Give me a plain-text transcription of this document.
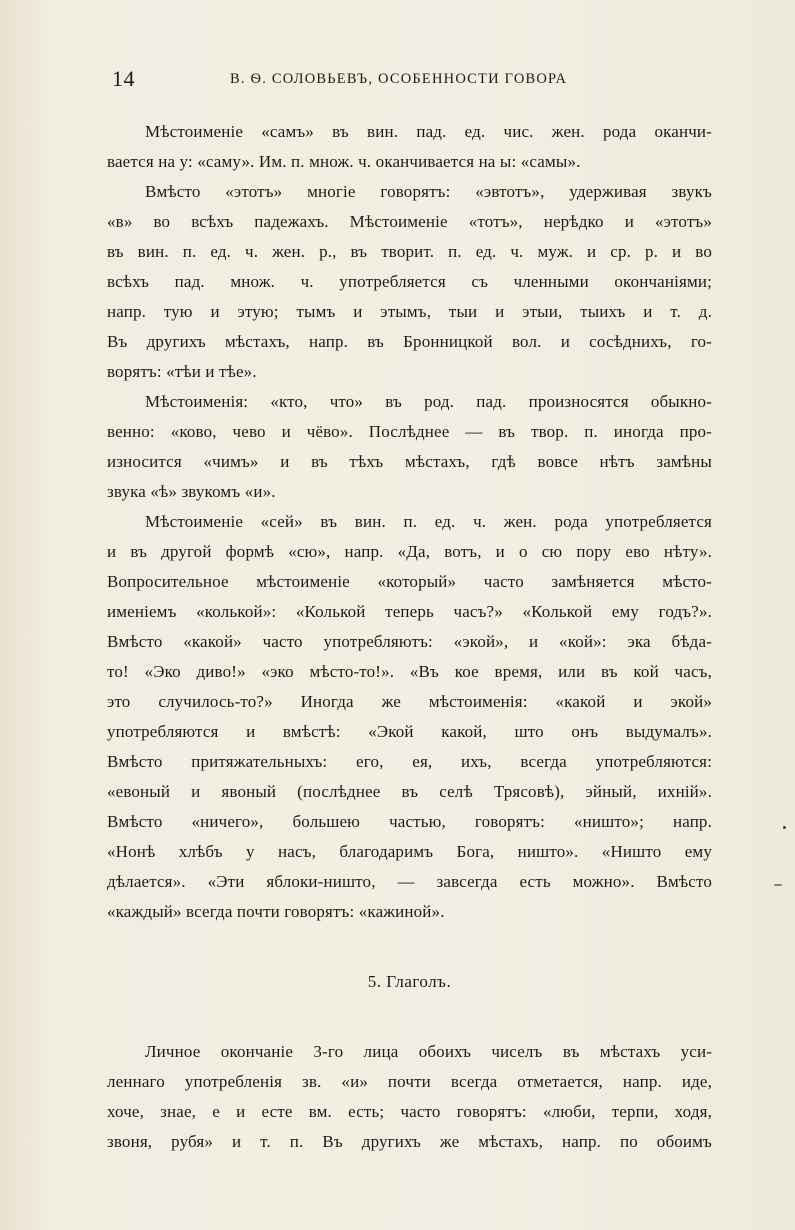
14	В. Ѳ. СОЛОВЬЕВЪ, ОСОБЕННОСТИ ГОВОРА
Мѣстоименіе «самъ» въ вин. пад. ед. чис. жен. рода оканчи-
вается на у: «саму». Им. п. множ. ч. оканчивается на ы: «самы».
Вмѣсто «этотъ» многіе говорятъ: «эвтотъ», удерживая звукъ
«в» во всѣхъ падежахъ. Мѣстоименіе «тотъ», нерѣдко и «этотъ»
въ вин. п. ед. ч. жен. р., въ творит. п. ед. ч. муж. и ср. р. и во
всѣхъ пад. множ. ч. употребляется съ членными окончаніями;
напр. тую и этую; тымъ и этымъ, тыи и этыи, тыихъ и т. д.
Въ другихъ мѣстахъ, напр. въ Бронницкой вол. и сосѣднихъ, го-
ворятъ: «тѣи и тѣе».
Мѣстоименія: «кто, что» въ род. пад. произносятся обыкно-
венно: «ково, чево и чёво». Послѣднее — въ твор. п. иногда про-
износится «чимъ» и въ тѣхъ мѣстахъ, гдѣ вовсе нѣтъ замѣны
звука «ѣ» звукомъ «и».
Мѣстоименіе «сей» въ вин. п. ед. ч. жен. рода употребляется
и въ другой формѣ «сю», напр. «Да, вотъ, и о сю пору ево нѣту».
Вопросительное мѣстоименіе «который» часто замѣняется мѣсто-
именіемъ «колькой»: «Колькой теперь часъ?» «Колькой ему годъ?».
Вмѣсто «какой» часто употребляютъ: «экой», и «кой»: эка бѣда-
то! «Эко диво!» «эко мѣсто-то!». «Въ кое время, или въ кой часъ,
это случилось-то?» Иногда же мѣстоименія: «какой и экой»
употребляются и вмѣстѣ: «Экой какой, што онъ выдумалъ».
Вмѣсто притяжательныхъ: его, ея, ихъ, всегда употребляются:
«евоный и явоный (послѣднее въ селѣ Трясовѣ), эйный, ихній».
Вмѣсто «ничего», большею частью, говорятъ: «ништо»; напр.
«Нонѣ хлѣбъ у насъ, благодаримъ Бога, ништо». «Ништо ему
дѣлается». «Эти яблоки-ништо, — завсегда есть можно». Вмѣсто
«каждый» всегда почти говорятъ: «кажиной».
5. Глаголъ.
Личное окончаніе 3-го лица обоихъ чиселъ въ мѣстахъ уси-
леннаго употребленія зв. «и» почти всегда отметается, напр. иде,
хоче, знае, е и есте вм. есть; часто говорятъ: «люби, терпи, ходя,
звоня, рубя» и т. п. Въ другихъ же мѣстахъ, напр. по обоимъ
